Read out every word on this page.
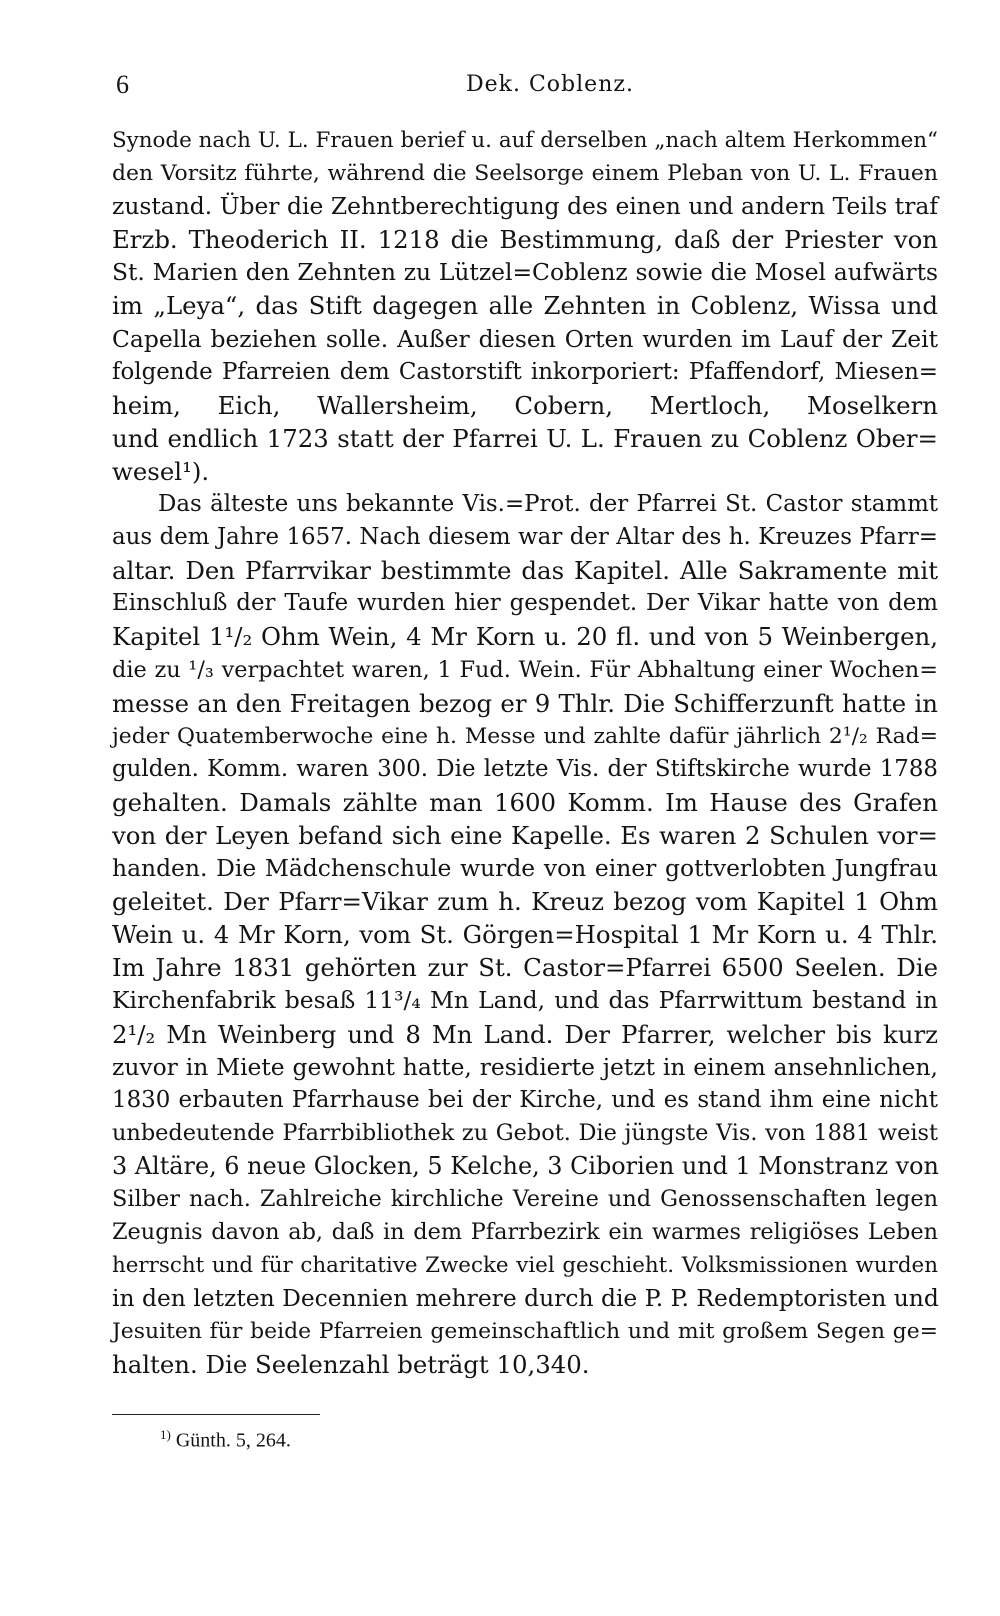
6	Dek. Coblenz.
Synode nach U. L. Frauen berief u. auf derselben „nach altem Herkommen“
den Vorsitz führte, während die Seelsorge einem Pleban von U. L. Frauen
zustand. Über die Zehntberechtigung des einen und andern Teils traf
Erzb. Theoderich II. 1218 die Bestimmung, daß der Priester von
St. Marien den Zehnten zu Lützel=Coblenz sowie die Mosel aufwärts
im „Leya“, das Stift dagegen alle Zehnten in Coblenz, Wissa und
Capella beziehen solle. Außer diesen Orten wurden im Lauf der Zeit
folgende Pfarreien dem Castorstift inkorporiert: Pfaffendorf, Miesen=
heim, Eich, Wallersheim, Cobern, Mertloch, Moselkern
und endlich 1723 statt der Pfarrei U. L. Frauen zu Coblenz Ober=
wesel¹).
Das älteste uns bekannte Vis.=Prot. der Pfarrei St. Castor stammt
aus dem Jahre 1657. Nach diesem war der Altar des h. Kreuzes Pfarr=
altar. Den Pfarrvikar bestimmte das Kapitel. Alle Sakramente mit
Einschluß der Taufe wurden hier gespendet. Der Vikar hatte von dem
Kapitel 1¹/₂ Ohm Wein, 4 Mr Korn u. 20 fl. und von 5 Weinbergen,
die zu ¹/₃ verpachtet waren, 1 Fud. Wein. Für Abhaltung einer Wochen=
messe an den Freitagen bezog er 9 Thlr. Die Schifferzunft hatte in
jeder Quatemberwoche eine h. Messe und zahlte dafür jährlich 2¹/₂ Rad=
gulden. Komm. waren 300. Die letzte Vis. der Stiftskirche wurde 1788
gehalten. Damals zählte man 1600 Komm. Im Hause des Grafen
von der Leyen befand sich eine Kapelle. Es waren 2 Schulen vor=
handen. Die Mädchenschule wurde von einer gottverlobten Jungfrau
geleitet. Der Pfarr=Vikar zum h. Kreuz bezog vom Kapitel 1 Ohm
Wein u. 4 Mr Korn, vom St. Görgen=Hospital 1 Mr Korn u. 4 Thlr.
Im Jahre 1831 gehörten zur St. Castor=Pfarrei 6500 Seelen. Die
Kirchenfabrik besaß 11³/₄ Mn Land, und das Pfarrwittum bestand in
2¹/₂ Mn Weinberg und 8 Mn Land. Der Pfarrer, welcher bis kurz
zuvor in Miete gewohnt hatte, residierte jetzt in einem ansehnlichen,
1830 erbauten Pfarrhause bei der Kirche, und es stand ihm eine nicht
unbedeutende Pfarrbibliothek zu Gebot. Die jüngste Vis. von 1881 weist
3 Altäre, 6 neue Glocken, 5 Kelche, 3 Ciborien und 1 Monstranz von
Silber nach. Zahlreiche kirchliche Vereine und Genossenschaften legen
Zeugnis davon ab, daß in dem Pfarrbezirk ein warmes religiöses Leben
herrscht und für charitative Zwecke viel geschieht. Volksmissionen wurden
in den letzten Decennien mehrere durch die P. P. Redemptoristen und
Jesuiten für beide Pfarreien gemeinschaftlich und mit großem Segen ge=
halten. Die Seelenzahl beträgt 10,340.
$^{1)}$ Günth. 5, 264.
